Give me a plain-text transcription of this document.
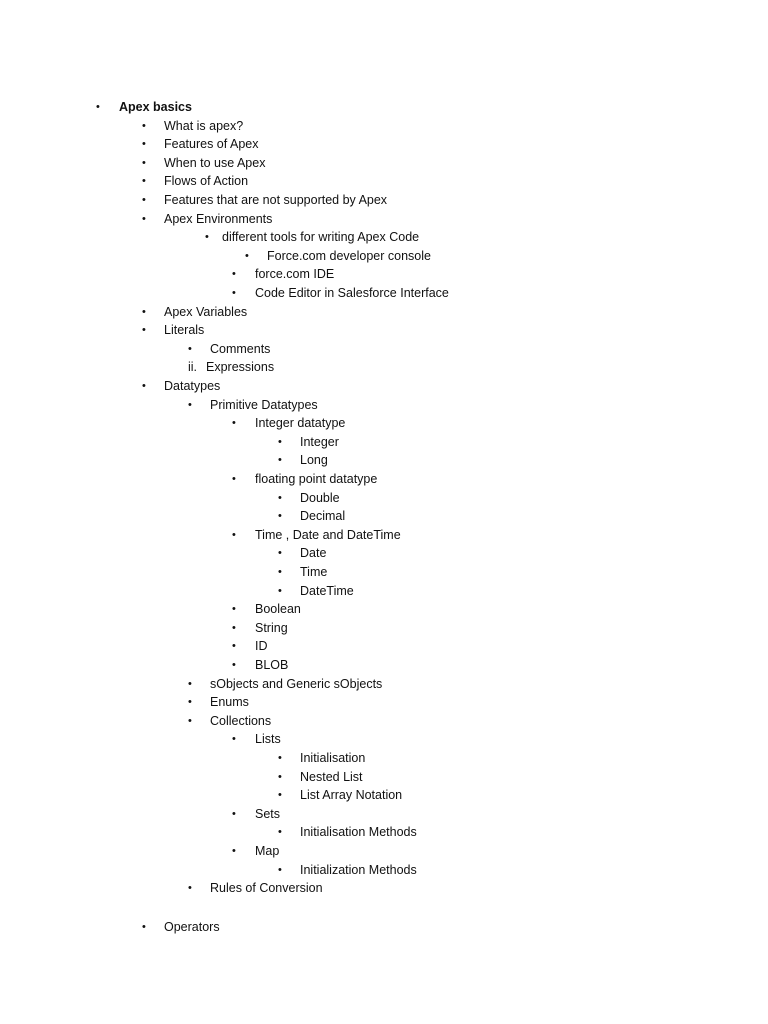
• Apex basics
• What is apex?
• Features of Apex
• When to use Apex
• Flows of Action
• Features that are not supported by Apex
• Apex Environments
• different tools for writing Apex Code
• Force.com developer console
• force.com IDE
• Code Editor in Salesforce Interface
• Apex Variables
• Literals
• Comments
ii. Expressions
• Datatypes
• Primitive Datatypes
• Integer datatype
• Integer
• Long
• floating point datatype
• Double
• Decimal
• Time , Date and DateTime
• Date
• Time
• DateTime
• Boolean
• String
• ID
• BLOB
• sObjects and Generic sObjects
• Enums
• Collections
• Lists
• Initialisation
• Nested List
• List Array Notation
• Sets
• Initialisation Methods
• Map
• Initialization Methods
• Rules of Conversion
• Operators
